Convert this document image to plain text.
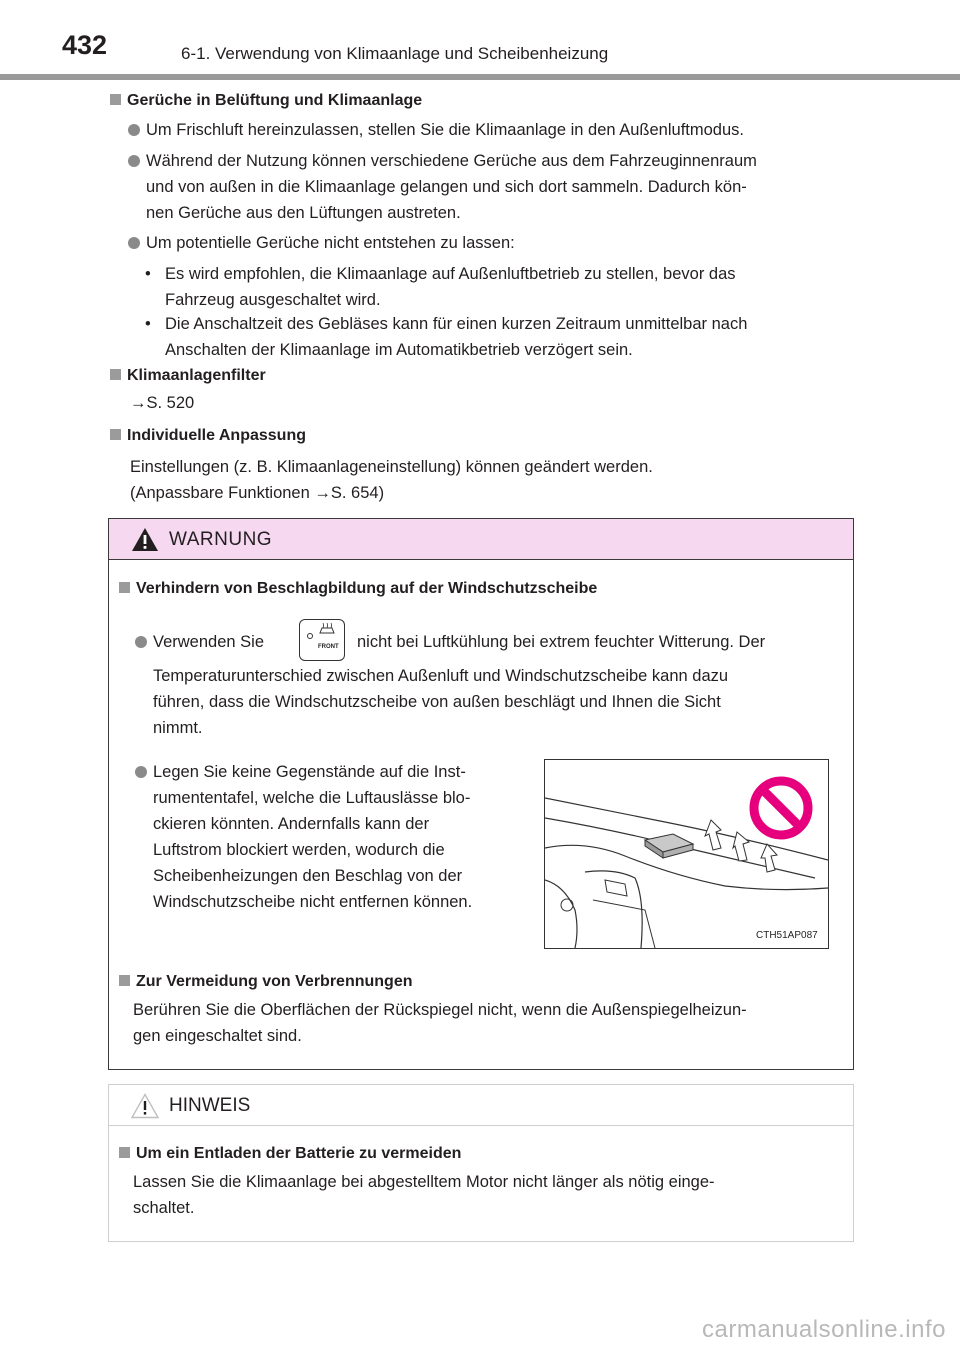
432	6-1. Verwendung von Klimaanlage und Scheibenheizung
Gerüche in Belüftung und Klimaanlage
Um Frischluft hereinzulassen, stellen Sie die Klimaanlage in den Außenluftmodus.
Während der Nutzung können verschiedene Gerüche aus dem Fahrzeuginnenraum
und von außen in die Klimaanlage gelangen und sich dort sammeln. Dadurch kön-
nen Gerüche aus den Lüftungen austreten.
Um potentielle Gerüche nicht entstehen zu lassen:
• Es wird empfohlen, die Klimaanlage auf Außenluftbetrieb zu stellen, bevor das
Fahrzeug ausgeschaltet wird.
• Die Anschaltzeit des Gebläses kann für einen kurzen Zeitraum unmittelbar nach
Anschalten der Klimaanlage im Automatikbetrieb verzögert sein.
Klimaanlagenfilter
→S. 520
Individuelle Anpassung
Einstellungen (z. B. Klimaanlageneinstellung) können geändert werden.
(Anpassbare Funktionen →S. 654)
WARNUNG
Verhindern von Beschlagbildung auf der Windschutzscheibe
Verwenden Sie	FRONT nicht bei Luftkühlung bei extrem feuchter Witterung. Der
Temperaturunterschied zwischen Außenluft und Windschutzscheibe kann dazu
führen, dass die Windschutzscheibe von außen beschlägt und Ihnen die Sicht
nimmt.
Legen Sie keine Gegenstände auf die Inst-
rumententafel, welche die Luftauslässe blo-
ckieren könnten. Andernfalls kann der
Luftstrom blockiert werden, wodurch die
Scheibenheizungen den Beschlag von der
Windschutzscheibe nicht entfernen können.
Zur Vermeidung von Verbrennungen
Berühren Sie die Oberflächen der Rückspiegel nicht, wenn die Außenspiegelheizun-
gen eingeschaltet sind.
CTH51AP087
HINWEIS
Um ein Entladen der Batterie zu vermeiden
Lassen Sie die Klimaanlage bei abgestelltem Motor nicht länger als nötig einge-
schaltet.
carmanualsonline.info
